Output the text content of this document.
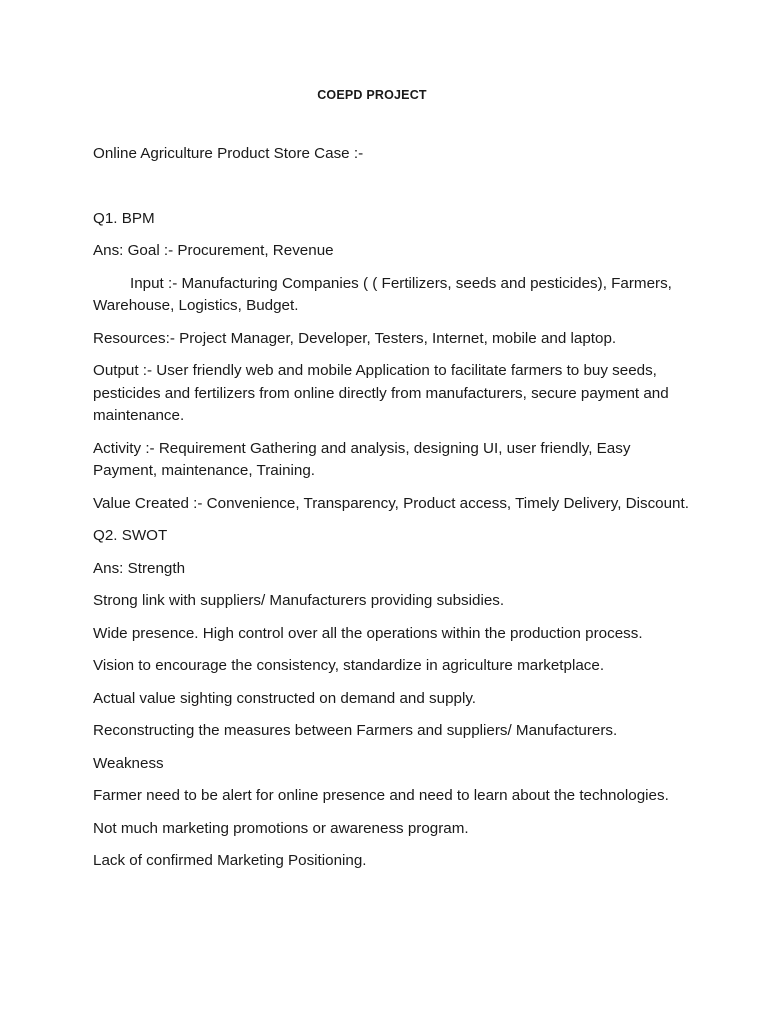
COEPD PROJECT

Online Agriculture Product Store Case :-

Q1. BPM

Ans: Goal :- Procurement, Revenue

Input :- Manufacturing Companies ( ( Fertilizers, seeds and pesticides), Farmers, Warehouse, Logistics, Budget.

Resources:- Project Manager, Developer, Testers, Internet, mobile and laptop.

Output :- User friendly web and mobile Application to facilitate farmers to buy seeds, pesticides and fertilizers from online directly from manufacturers, secure payment and maintenance.

Activity :- Requirement Gathering and analysis, designing UI, user friendly, Easy Payment, maintenance, Training.

Value Created :- Convenience, Transparency, Product access, Timely Delivery, Discount.

Q2. SWOT

Ans: Strength

Strong link with suppliers/ Manufacturers providing subsidies.

Wide presence. High control over all the operations within the production process.

Vision to encourage the consistency, standardize in agriculture marketplace.

Actual value sighting constructed on demand and supply.

Reconstructing the measures between Farmers and suppliers/ Manufacturers.

Weakness

Farmer need to be alert for online presence and need to learn about the technologies.

Not much marketing promotions or awareness program.

Lack of confirmed Marketing Positioning.
